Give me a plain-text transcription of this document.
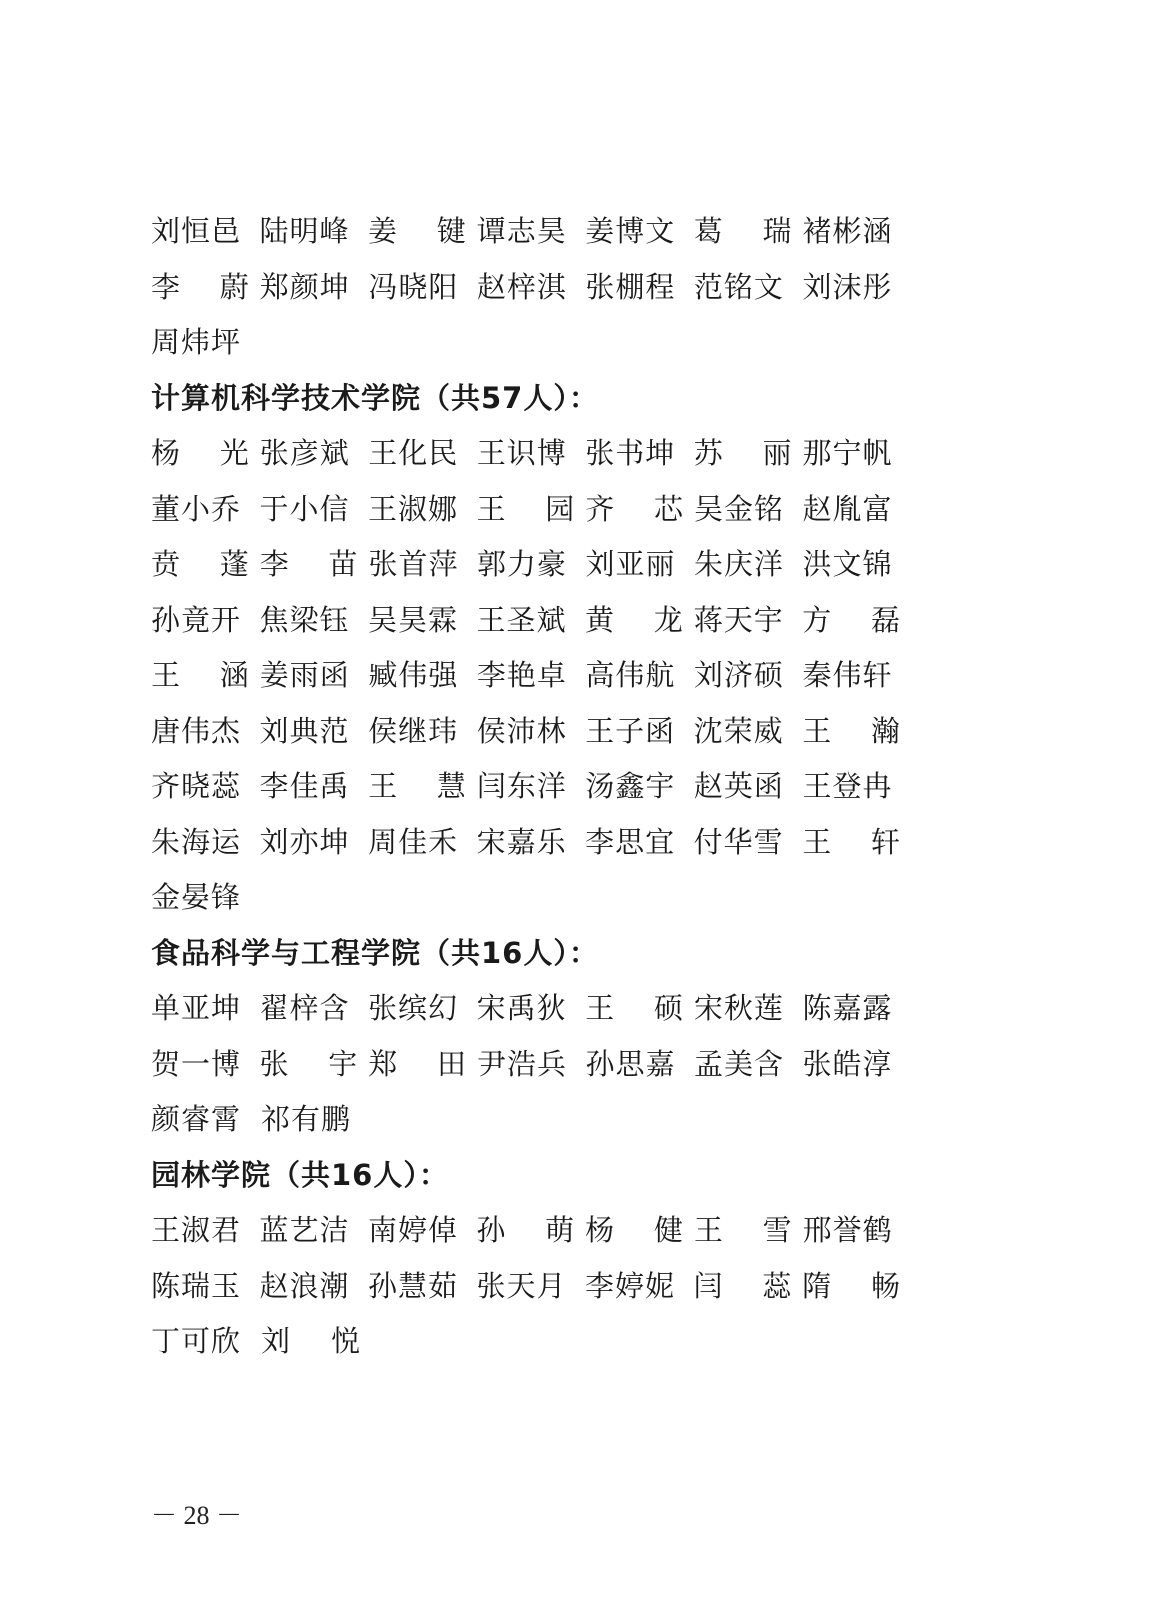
刘 恒 邑 陆 明 峰 姜 键 谭 志 昊 姜 博 文 葛 瑞 褚 彬 涵
李 蔚 郑 颜 坤 冯 晓 阳 赵 梓 淇 张 棚 程 范 铭 文 刘 沫 彤
周 炜 坪
计算机科学技术学院（共57人）：
杨 光 张 彦 斌 王 化 民 王 识 博 张 书 坤 苏 丽 那 宁 帆
董 小 乔 于 小 信 王 淑 娜 王 园 齐 芯 吴 金 铭 赵 胤 富
贲 蓬 李 苗 张 首 萍 郭 力 豪 刘 亚 丽 朱 庆 洋 洪 文 锦
孙 竟 开 焦 梁 钰 吴 昊 霖 王 圣 斌 黄 龙 蒋 天 宇 方 磊
王 涵 姜 雨 函 臧 伟 强 李 艳 卓 高 伟 航 刘 济 硕 秦 伟 轩
唐 伟 杰 刘 典 范 侯 继 玮 侯 沛 林 王 子 函 沈 荣 威 王 瀚
齐 晓 蕊 李 佳 禹 王 慧 闫 东 洋 汤 鑫 宇 赵 英 函 王 登 冉
朱 海 运 刘 亦 坤 周 佳 禾 宋 嘉 乐 李 思 宜 付 华 雪 王 轩
金 晏 锋
食品科学与工程学院（共16人）：
单 亚 坤 翟 梓 含 张 缤 幻 宋 禹 狄 王 硕 宋 秋 莲 陈 嘉 露
贺 一 博 张 宇 郑 田 尹 浩 兵 孙 思 嘉 孟 美 含 张 皓 淳
颜 睿 霄 祁 有 鹏
园林学院（共16人）：
王 淑 君 蓝 艺 洁 南 婷 倬 孙 萌 杨 健 王 雪 邢 誉 鹤
陈 瑞 玉 赵 浪 潮 孙 慧 茹 张 天 月 李 婷 妮 闫 蕊 隋 畅
丁 可 欣 刘 悦
－ 28 －
